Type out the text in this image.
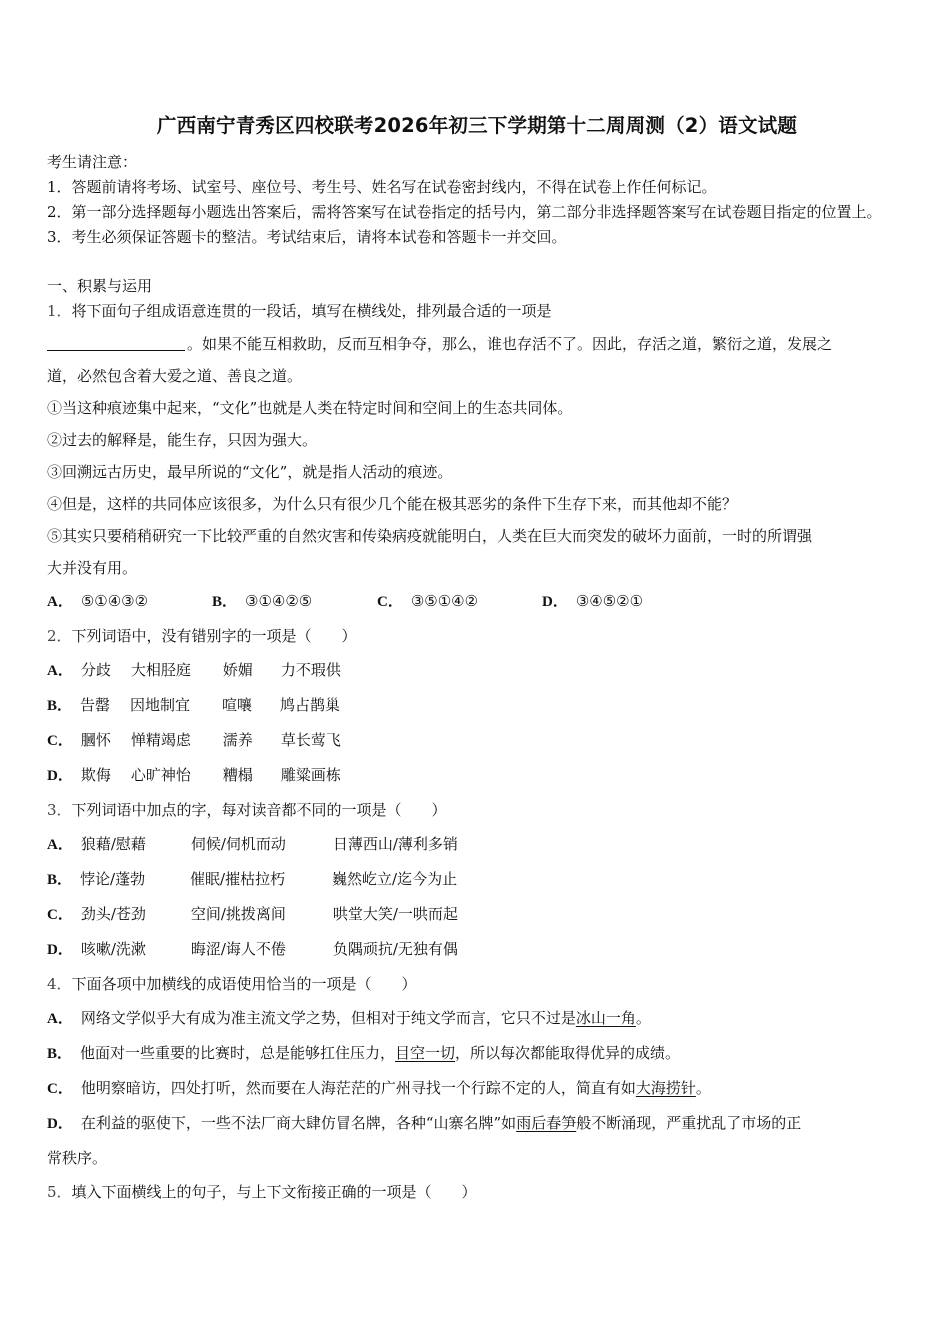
广西南宁青秀区四校联考2026年初三下学期第十二周周测（2）语文试题
考生请注意：
1．答题前请将考场、试室号、座位号、考生号、姓名写在试卷密封线内，不得在试卷上作任何标记。
2．第一部分选择题每小题选出答案后，需将答案写在试卷指定的括号内，第二部分非选择题答案写在试卷题目指定的位置上。
3．考生必须保证答题卡的整洁。考试结束后，请将本试卷和答题卡一并交回。
一、积累与运用
1．将下面句子组成语意连贯的一段话，填写在横线处，排列最合适的一项是
。如果不能互相救助，反而互相争夺，那么，谁也存活不了。因此，存活之道，繁衍之道，发展之
道，必然包含着大爱之道、善良之道。
①当这种痕迹集中起来，“文化”也就是人类在特定时间和空间上的生态共同体。
②过去的解释是，能生存，只因为强大。
③回溯远古历史，最早所说的“文化”，就是指人活动的痕迹。
④但是，这样的共同体应该很多，为什么只有很少几个能在极其恶劣的条件下生存下来，而其他却不能？
⑤其实只要稍稍研究一下比较严重的自然灾害和传染病疫就能明白，人类在巨大而突发的破坏力面前，一时的所谓强
大并没有用。
A． ⑤①④③②	B． ③①④②⑤	C． ③⑤①④②	D． ③④⑤②①
2．下列词语中，没有错别字的一项是（　　）
A． 分歧 大相胫庭 娇媚 力不瑕供
B． 告罄 因地制宜 喧嚷 鸠占鹊巢
C． 膕怀 惮精竭虑 濡养 草长莺飞
D． 欺侮 心旷神怡 糟榻 雕粱画栋
3．下列词语中加点的字，每对读音都不同的一项是（　　）
A． 狼藉/慰藉	伺候/伺机而动	日薄西山/薄利多销
B． 悖论/蓬勃	催眠/摧枯拉朽	巍然屹立/迄今为止
C． 劲头/苍劲	空间/挑拨离间	哄堂大笑/一哄而起
D． 咳嗽/洗漱	晦涩/诲人不倦	负隅顽抗/无独有偶
4．下面各项中加横线的成语使用恰当的一项是（　　）
A． 网络文学似乎大有成为准主流文学之势，但相对于纯文学而言，它只不过是冰山一角。
B． 他面对一些重要的比赛时，总是能够扛住压力，目空一切，所以每次都能取得优异的成绩。
C． 他明察暗访，四处打听，然而要在人海茫茫的广州寻找一个行踪不定的人，简直有如大海捞针。
D． 在利益的驱使下，一些不法厂商大肆仿冒名牌，各种“山寨名牌”如雨后春笋般不断涌现，严重扰乱了市场的正
常秩序。
5．填入下面横线上的句子，与上下文衔接正确的一项是（　　）
